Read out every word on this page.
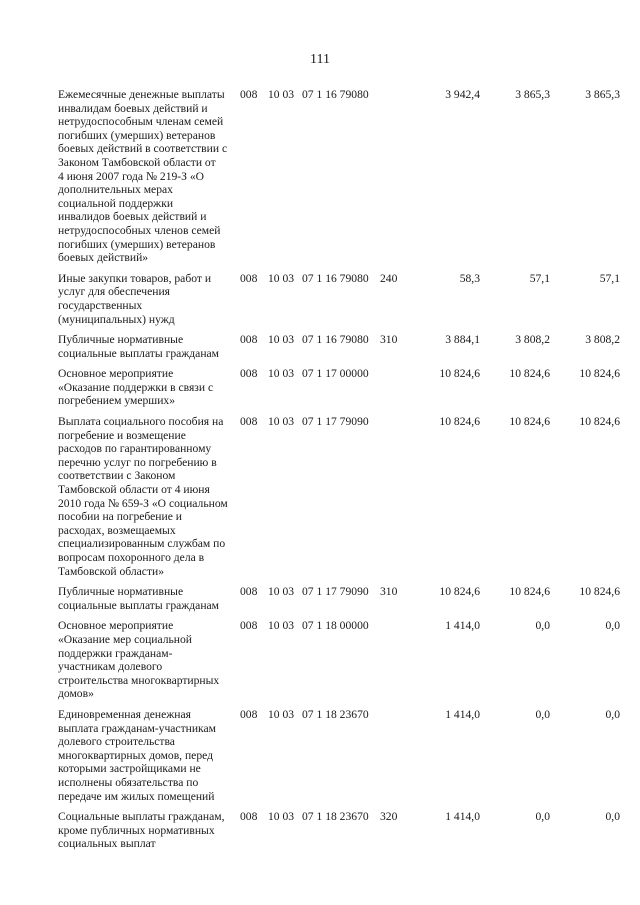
111
Ежемесячные денежные выплаты
инвалидам боевых действий и
нетрудоспособным членам семей
погибших (умерших) ветеранов
боевых действий в соответствии с
Законом Тамбовской области от
4 июня 2007 года № 219-З «О
дополнительных мерах
социальной поддержки
инвалидов боевых действий и
нетрудоспособных членов семей
погибших (умерших) ветеранов
боевых действий»
008 10 03 07 1 16 79080	3 942,4	3 865,3	3 865,3
Иные закупки товаров, работ и
услуг для обеспечения
государственных
(муниципальных) нужд
008 10 03 07 1 16 79080 240	58,3	57,1	57,1
Публичные нормативные
социальные выплаты гражданам
008 10 03 07 1 16 79080 310	3 884,1	3 808,2	3 808,2
Основное мероприятие
«Оказание поддержки в связи с
погребением умерших»
008 10 03 07 1 17 00000	10 824,6	10 824,6	10 824,6
Выплата социального пособия на
погребение и возмещение
расходов по гарантированному
перечню услуг по погребению в
соответствии с Законом
Тамбовской области от 4 июня
2010 года № 659-З «О социальном
пособии на погребение и
расходах, возмещаемых
специализированным службам по
вопросам похоронного дела в
Тамбовской области»
008 10 03 07 1 17 79090	10 824,6	10 824,6	10 824,6
Публичные нормативные
социальные выплаты гражданам
008 10 03 07 1 17 79090 310	10 824,6	10 824,6	10 824,6
Основное мероприятие
«Оказание мер социальной
поддержки гражданам-
участникам долевого
строительства многоквартирных
домов»
008 10 03 07 1 18 00000	1 414,0	0,0	0,0
Единовременная денежная
выплата гражданам-участникам
долевого строительства
многоквартирных домов, перед
которыми застройщиками не
исполнены обязательства по
передаче им жилых помещений
008 10 03 07 1 18 23670	1 414,0	0,0	0,0
Социальные выплаты гражданам,
кроме публичных нормативных
социальных выплат
008 10 03 07 1 18 23670 320	1 414,0	0,0	0,0
